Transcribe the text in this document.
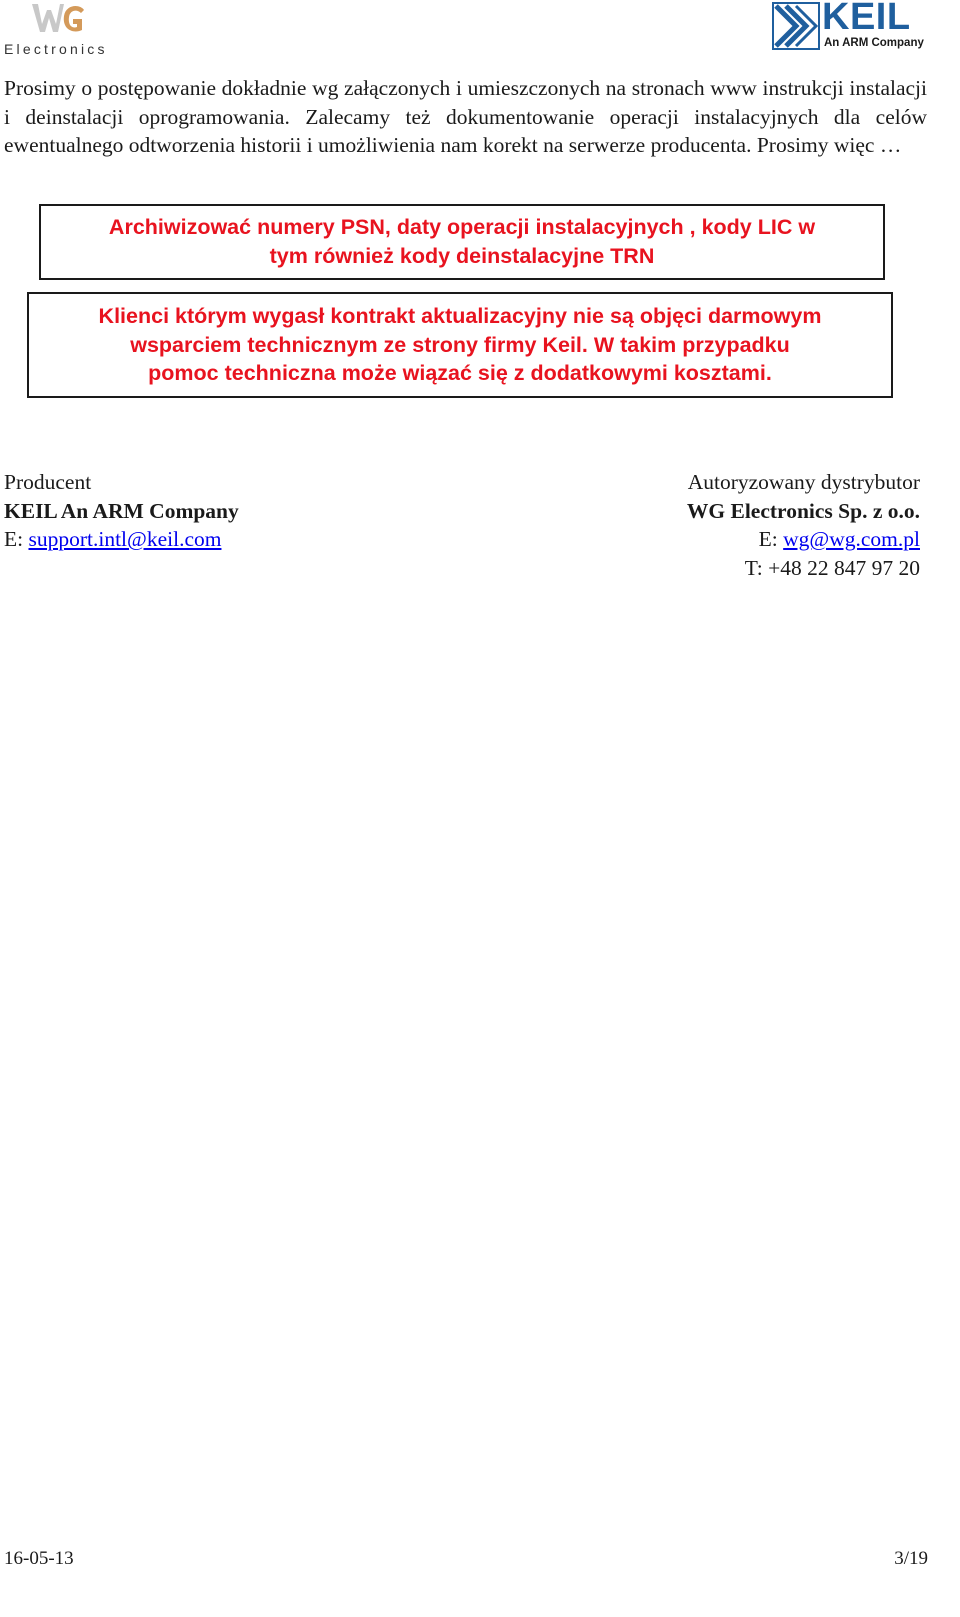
Electronics
KEIL
An ARM Company

Prosimy o postępowanie dokładnie wg załączonych i umieszczonych na stronach www instrukcji instalacji i deinstalacji oprogramowania. Zalecamy też dokumentowanie operacji instalacyjnych dla celów ewentualnego odtworzenia historii i umożliwienia nam korekt na serwerze producenta. Prosimy więc …

Archiwizować numery PSN, daty operacji instalacyjnych , kody LIC w
tym również kody deinstalacyjne TRN
Klienci którym wygasł kontrakt aktualizacyjny nie są objęci darmowym
wsparciem technicznym ze strony firmy Keil. W takim przypadku
pomoc techniczna może wiązać się z dodatkowymi kosztami.
Producent
KEIL An ARM Company
E: support.intl@keil.com
Autoryzowany dystrybutor
WG Electronics Sp. z o.o.
E: wg@wg.com.pl
T: +48 22 847 97 20
16-05-13	3/19
